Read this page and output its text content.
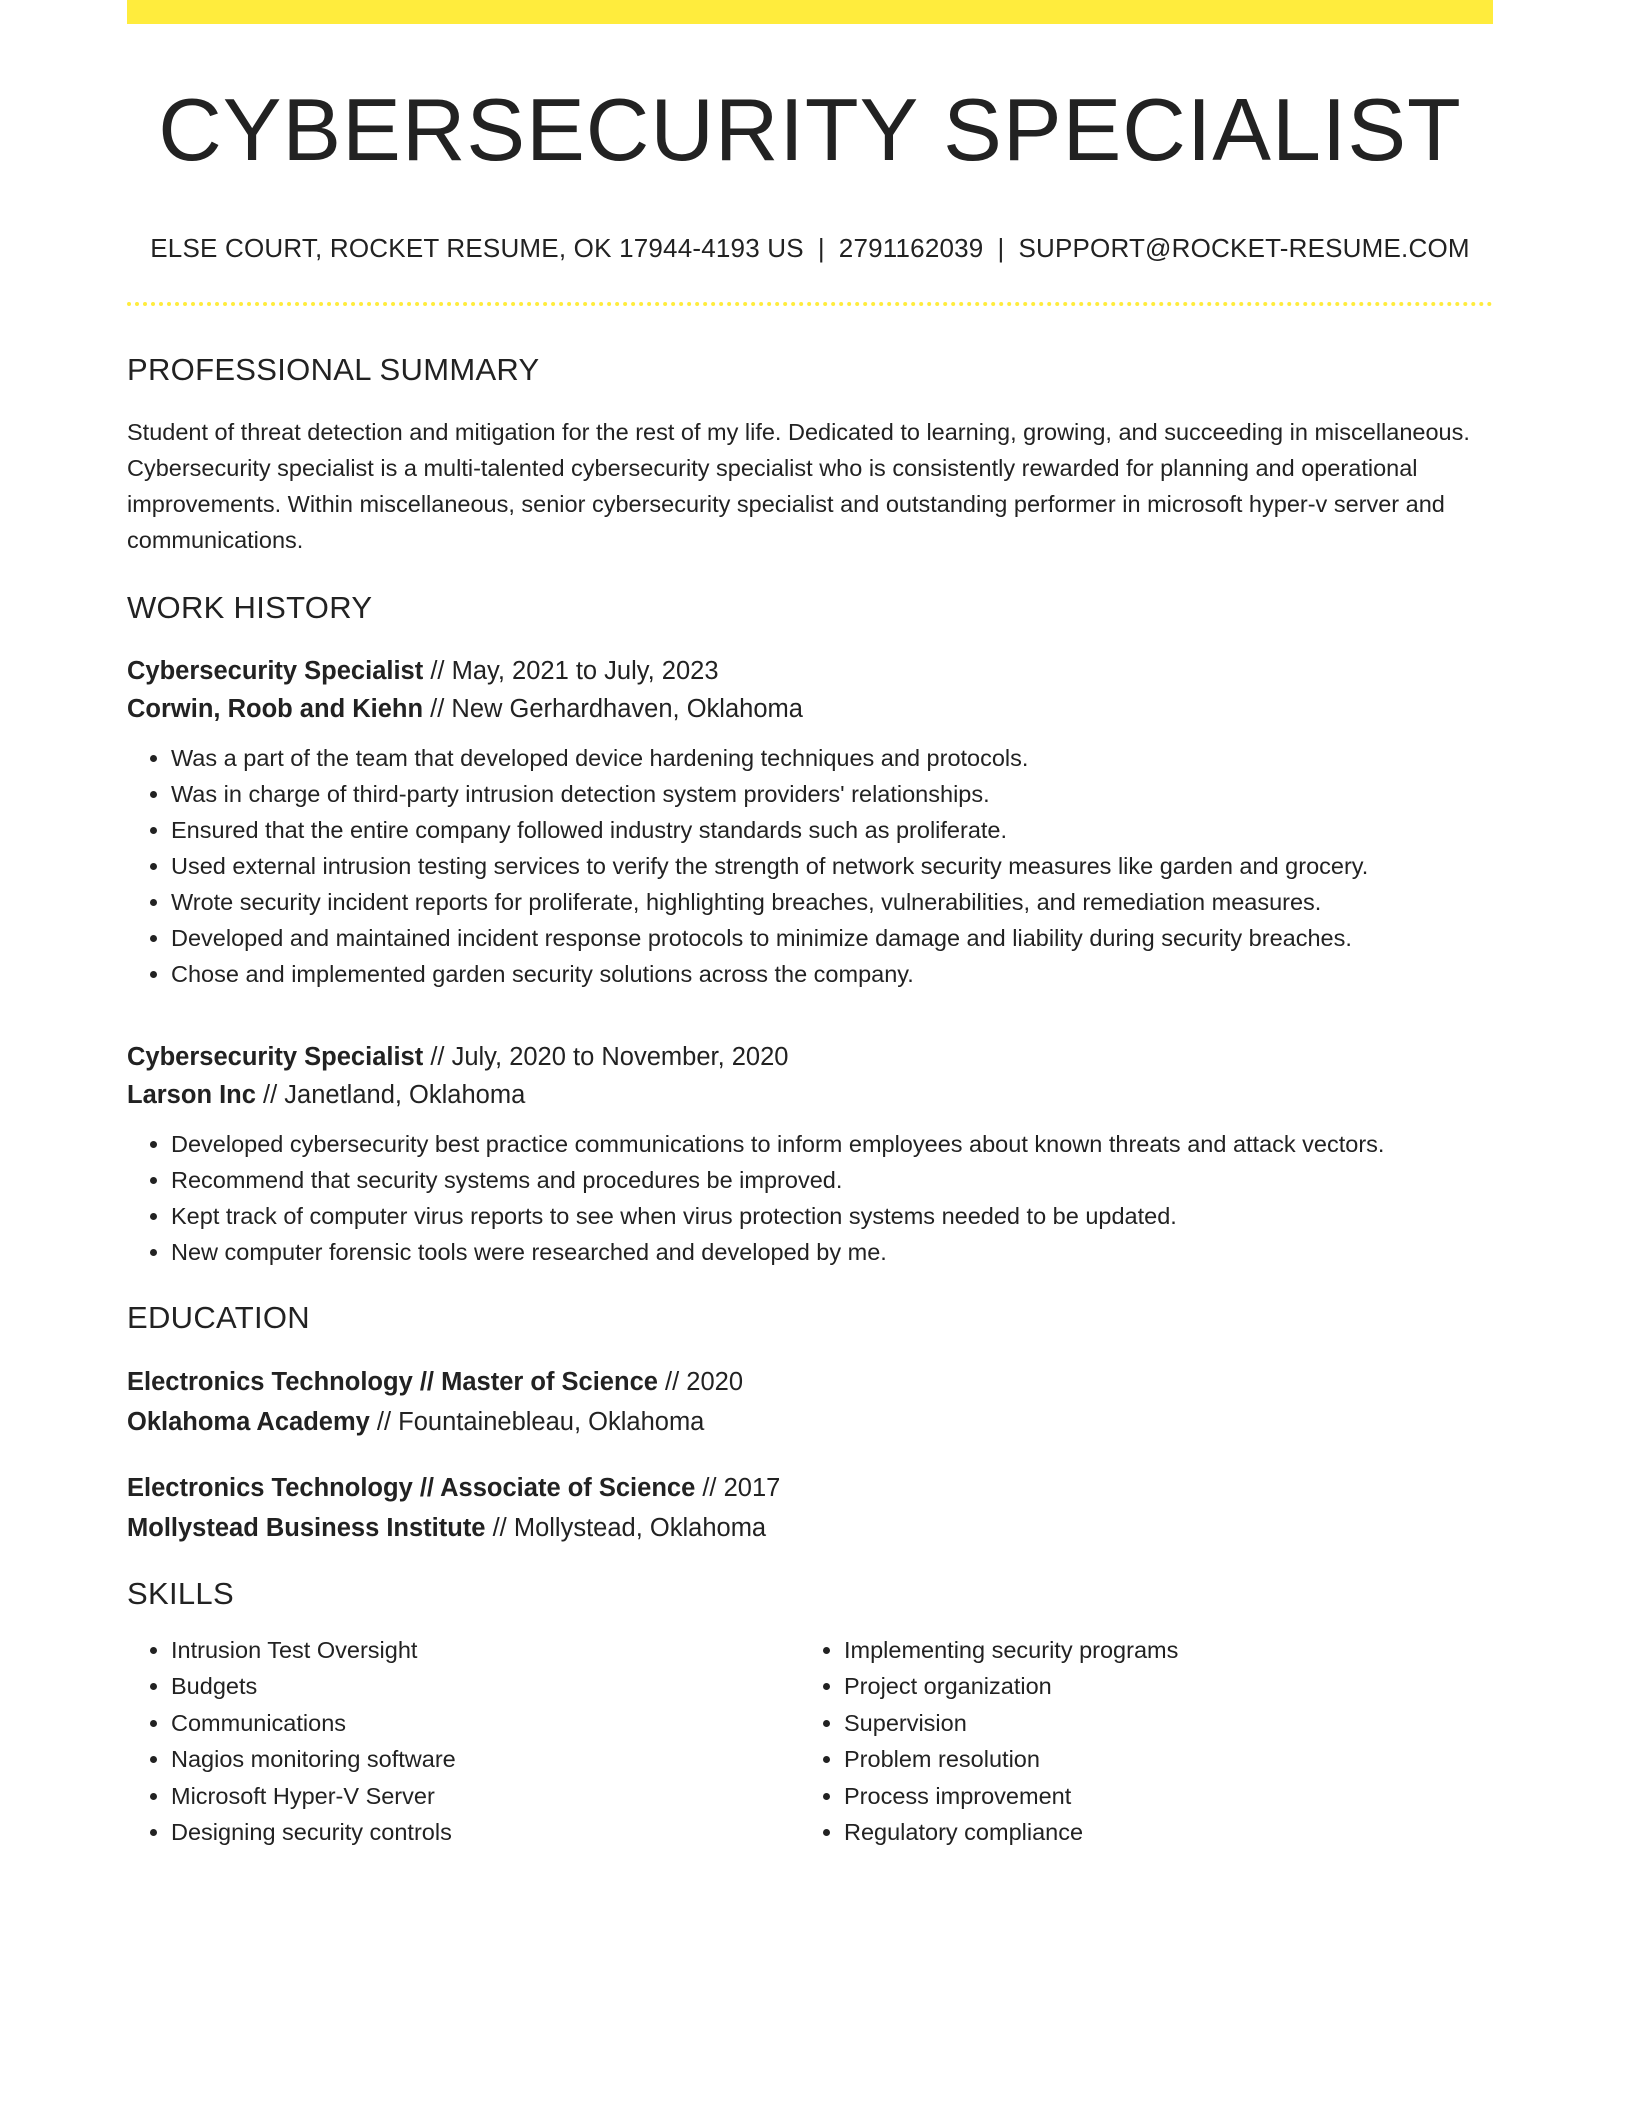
CYBERSECURITY SPECIALIST
ELSE COURT, ROCKET RESUME, OK 17944-4193 US | 2791162039 | SUPPORT@ROCKET-RESUME.COM
PROFESSIONAL SUMMARY
Student of threat detection and mitigation for the rest of my life. Dedicated to learning, growing, and succeeding in miscellaneous. Cybersecurity specialist is a multi-talented cybersecurity specialist who is consistently rewarded for planning and operational improvements. Within miscellaneous, senior cybersecurity specialist and outstanding performer in microsoft hyper-v server and communications.
WORK HISTORY
Cybersecurity Specialist // May, 2021 to July, 2023
Corwin, Roob and Kiehn // New Gerhardhaven, Oklahoma
• Was a part of the team that developed device hardening techniques and protocols.
• Was in charge of third-party intrusion detection system providers' relationships.
• Ensured that the entire company followed industry standards such as proliferate.
• Used external intrusion testing services to verify the strength of network security measures like garden and grocery.
• Wrote security incident reports for proliferate, highlighting breaches, vulnerabilities, and remediation measures.
• Developed and maintained incident response protocols to minimize damage and liability during security breaches.
• Chose and implemented garden security solutions across the company.
Cybersecurity Specialist // July, 2020 to November, 2020
Larson Inc // Janetland, Oklahoma
• Developed cybersecurity best practice communications to inform employees about known threats and attack vectors.
• Recommend that security systems and procedures be improved.
• Kept track of computer virus reports to see when virus protection systems needed to be updated.
• New computer forensic tools were researched and developed by me.
EDUCATION
Electronics Technology // Master of Science // 2020
Oklahoma Academy // Fountainebleau, Oklahoma
Electronics Technology // Associate of Science // 2017
Mollystead Business Institute // Mollystead, Oklahoma
SKILLS
• Intrusion Test Oversight
• Budgets
• Communications
• Nagios monitoring software
• Microsoft Hyper-V Server
• Designing security controls
• Implementing security programs
• Project organization
• Supervision
• Problem resolution
• Process improvement
• Regulatory compliance
